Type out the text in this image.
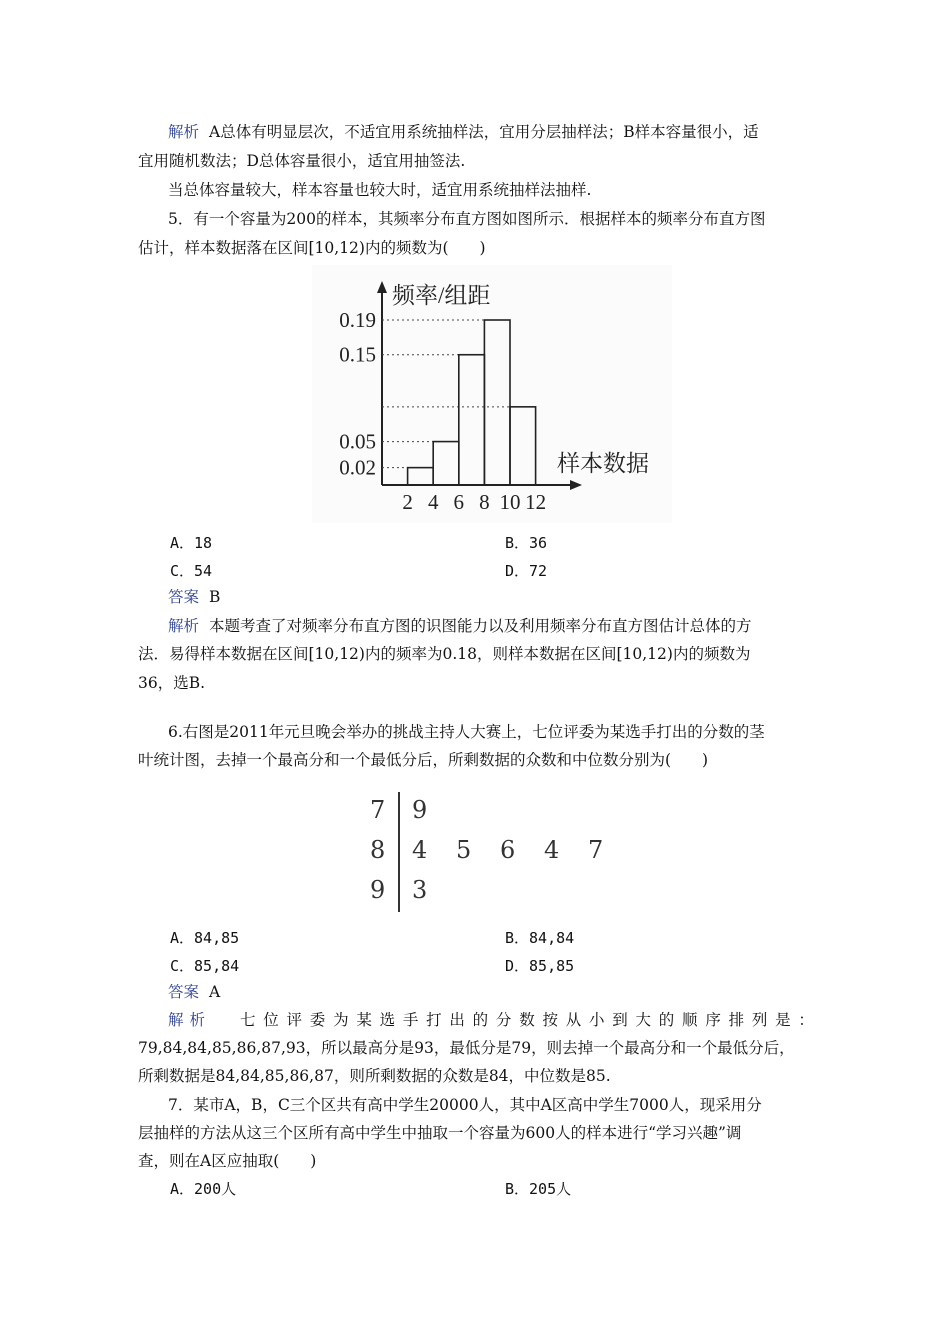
解析 A总体有明显层次，不适宜用系统抽样法，宜用分层抽样法；B样本容量很小，适
宜用随机数法；D总体容量很小，适宜用抽签法.
当总体容量较大，样本容量也较大时，适宜用系统抽样法抽样.
5．有一个容量为200的样本，其频率分布直方图如图所示．根据样本的频率分布直方图
估计，样本数据落在区间[10,12)内的频数为(　　)
0.19
0.15
0.05
0.02
2 4 6 8 10 12
频率/组距
样本数据
A．18	B．36
C．54	D．72
答案 B
解析 本题考查了对频率分布直方图的识图能力以及利用频率分布直方图估计总体的方
法．易得样本数据在区间[10,12)内的频率为0.18，则样本数据在区间[10,12)内的频数为
36，选B.
6.右图是2011年元旦晚会举办的挑战主持人大赛上，七位评委为某选手打出的分数的茎
叶统计图，去掉一个最高分和一个最低分后，所剩数据的众数和中位数分别为(　　)
7 9
8 4 5 6 4 7
9 3
A．84,85	B．84,84
C．85,84	D．85,85
答案 A
解析 七 位 评 委 为 某 选 手 打 出 的 分 数 按 从 小 到 大 的 顺 序 排 列 是 ：
79,84,84,85,86,87,93，所以最高分是93，最低分是79，则去掉一个最高分和一个最低分后，
所剩数据是84,84,85,86,87，则所剩数据的众数是84，中位数是85.
7．某市A，B，C三个区共有高中学生20000人，其中A区高中学生7000人，现采用分
层抽样的方法从这三个区所有高中学生中抽取一个容量为600人的样本进行“学习兴趣”调
查，则在A区应抽取(　　)
A．200人	B．205人
